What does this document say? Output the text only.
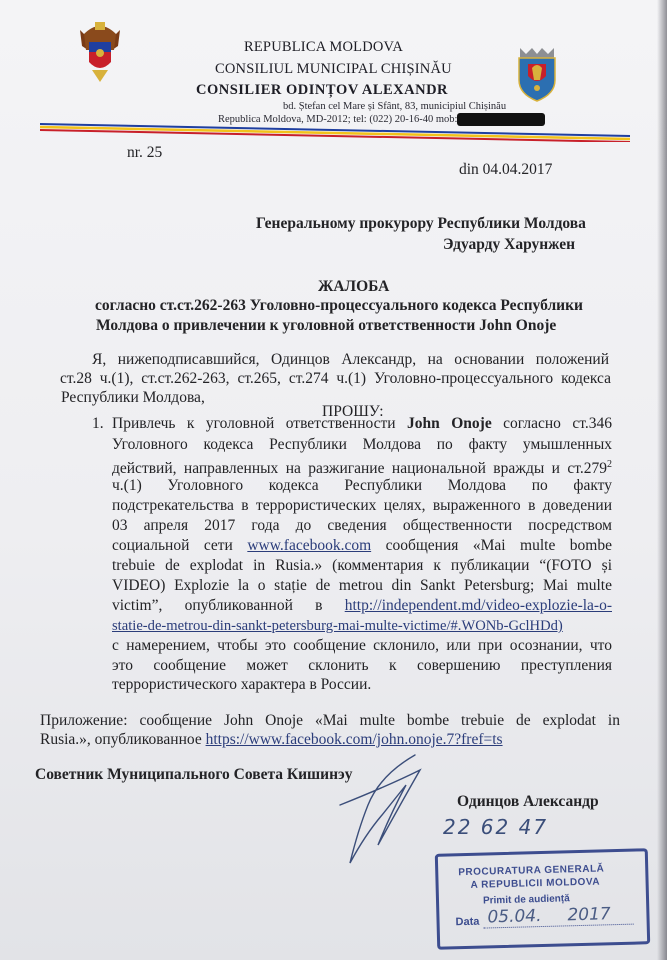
REPUBLICA MOLDOVA
CONSILIUL MUNICIPAL CHIȘINĂU
CONSILIER ODINȚOV ALEXANDR
bd. Ștefan cel Mare și Sfânt, 83, municipiul Chișinău
Republica Moldova, MD-2012; tel: (022) 20-16-40 mob:
nr. 25
din 04.04.2017
Генеральному прокурору Республики Молдова
Эдуарду Харунжен
ЖАЛОБА
согласно ст.ст.262-263 Уголовно-процессуального кодекса Республики
Молдова о привлечении к уголовной ответственности John Onoje
Я, нижеподписавшийся, Одинцов Александр, на основании положений
ст.28 ч.(1), ст.ст.262-263, ст.265, ст.274 ч.(1) Уголовно-процессуального кодекса
Республики Молдова,
ПРОШУ:
1. Привлечь к уголовной ответственности John Onoje согласно ст.346
Уголовного кодекса Республики Молдова по факту умышленных
действий, направленных на разжигание национальной вражды и ст.279$^2$
ч.(1) Уголовного кодекса Республики Молдова по факту
подстрекательства в террористических целях, выраженного в доведении
03 апреля 2017 года до сведения общественности посредством
социальной сети www.facebook.com сообщения «Mai multe bombe
trebuie de explodat in Rusia.» (комментария к публикации “(FOTO și
VIDEO) Explozie la o stație de metrou din Sankt Petersburg; Mai multe
victim”, опубликованной в http://independent.md/video-explozie-la-o-
statie-de-metrou-din-sankt-petersburg-mai-multe-victime/#.WONb-GclHDd)
с намерением, чтобы это сообщение склонило, или при осознании, что
это сообщение может склонить к совершению преступления
террористического характера в России.
Приложение: сообщение John Onoje «Mai multe bombe trebuie de explodat in
Rusia.», опубликованное https://www.facebook.com/john.onoje.7?fref=ts
Советник Муниципального Совета Кишинэу
Одинцов Александр
22 62 47
PROCURATURA GENERALĂ
A REPUBLICII MOLDOVA
Primit de audiență
Data 05.04. 2017
